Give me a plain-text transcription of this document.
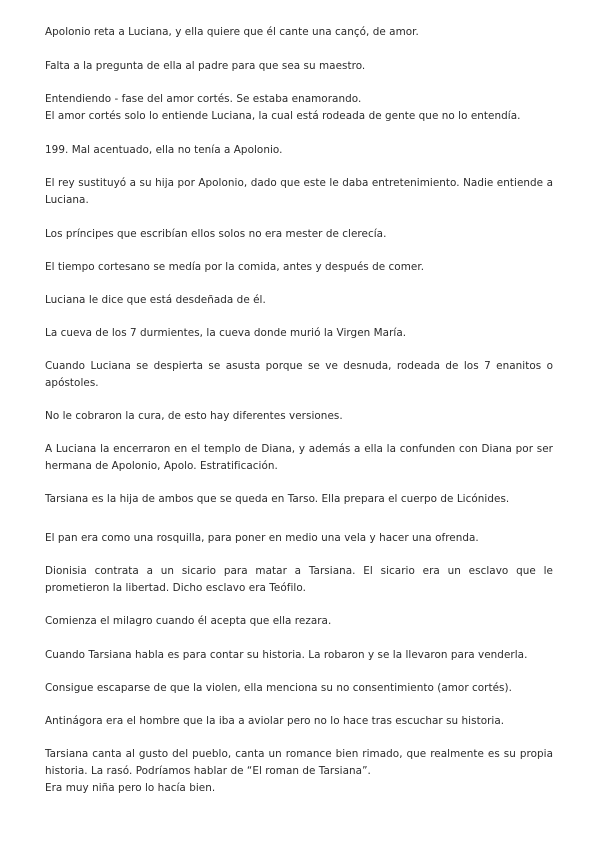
Apolonio reta a Luciana, y ella quiere que él cante una cançó, de amor.

Falta a la pregunta de ella al padre para que sea su maestro.

Entendiendo - fase del amor cortés. Se estaba enamorando.
El amor cortés solo lo entiende Luciana, la cual está rodeada de gente que no lo entendía.

199. Mal acentuado, ella no tenía a Apolonio.

El rey sustituyó a su hija por Apolonio, dado que este le daba entretenimiento. Nadie entiende a Luciana.

Los príncipes que escribían ellos solos no era mester de clerecía.

El tiempo cortesano se medía por la comida, antes y después de comer.

Luciana le dice que está desdeñada de él.

La cueva de los 7 durmientes, la cueva donde murió la Virgen María.

Cuando Luciana se despierta se asusta porque se ve desnuda, rodeada de los 7 enanitos o apóstoles.

No le cobraron la cura, de esto hay diferentes versiones.

A Luciana la encerraron en el templo de Diana, y además a ella la confunden con Diana por ser hermana de Apolonio, Apolo. Estratificación.

Tarsiana es la hija de ambos que se queda en Tarso. Ella prepara el cuerpo de Licónides.

El pan era como una rosquilla, para poner en medio una vela y hacer una ofrenda.

Dionisia contrata a un sicario para matar a Tarsiana. El sicario era un esclavo que le prometieron la libertad. Dicho esclavo era Teófilo.

Comienza el milagro cuando él acepta que ella rezara.

Cuando Tarsiana habla es para contar su historia. La robaron y se la llevaron para venderla.

Consigue escaparse de que la violen, ella menciona su no consentimiento (amor cortés).

Antinágora era el hombre que la iba a aviolar pero no lo hace tras escuchar su historia.

Tarsiana canta al gusto del pueblo, canta un romance bien rimado, que realmente es su propia historia. La rasó. Podríamos hablar de “El roman de Tarsiana”.
Era muy niña pero lo hacía bien.
